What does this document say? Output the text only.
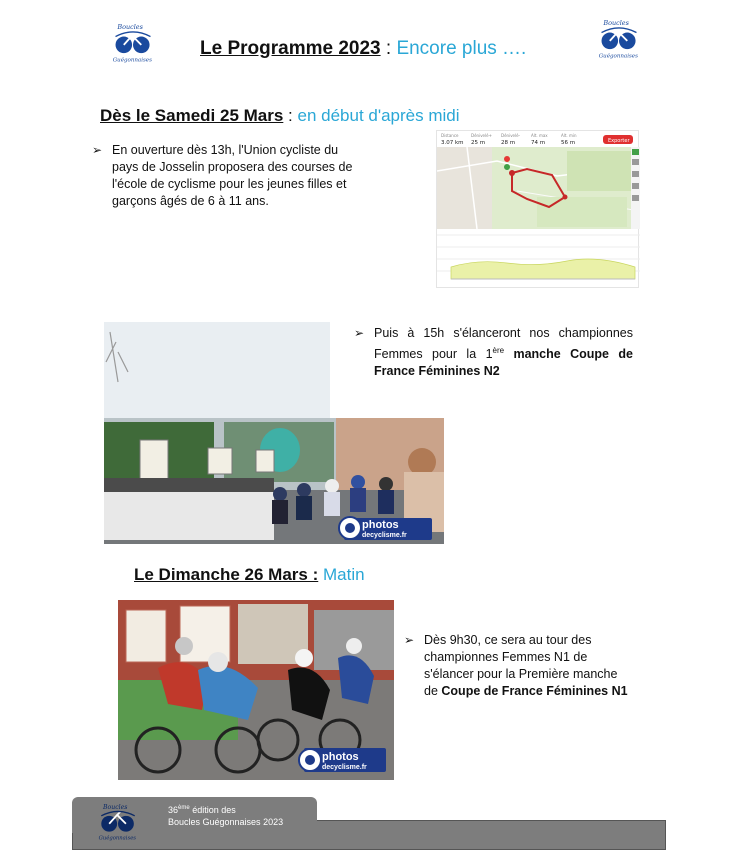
Boucles
Guégonnaises
Boucles
Guégonnaises
Le Programme 2023 : Encore plus ….
Dès le Samedi 25 Mars : en début d'après midi
➢ En ouverture dès 13h, l'Union cycliste du pays de Josselin proposera des courses de l'école de cyclisme pour les jeunes filles et garçons âgés de 6 à 11 ans.
Distance
3.07 km
Dénivelé+
25 m
Dénivelé-
28 m
Alt. max
74 m
Alt. min
56 m	Exporter
photos
decyclisme.fr
➢ Puis à 15h s'élanceront nos championnes Femmes pour la 1ère manche Coupe de France Féminines N2
Le Dimanche 26 Mars : Matin
photos
decyclisme.fr
➢ Dès 9h30, ce sera au tour des championnes Femmes N1 de s'élancer pour la Première manche de Coupe de France Féminines N1
Boucles
Guégonnaises
36ème édition des
Boucles Guégonnaises 2023
